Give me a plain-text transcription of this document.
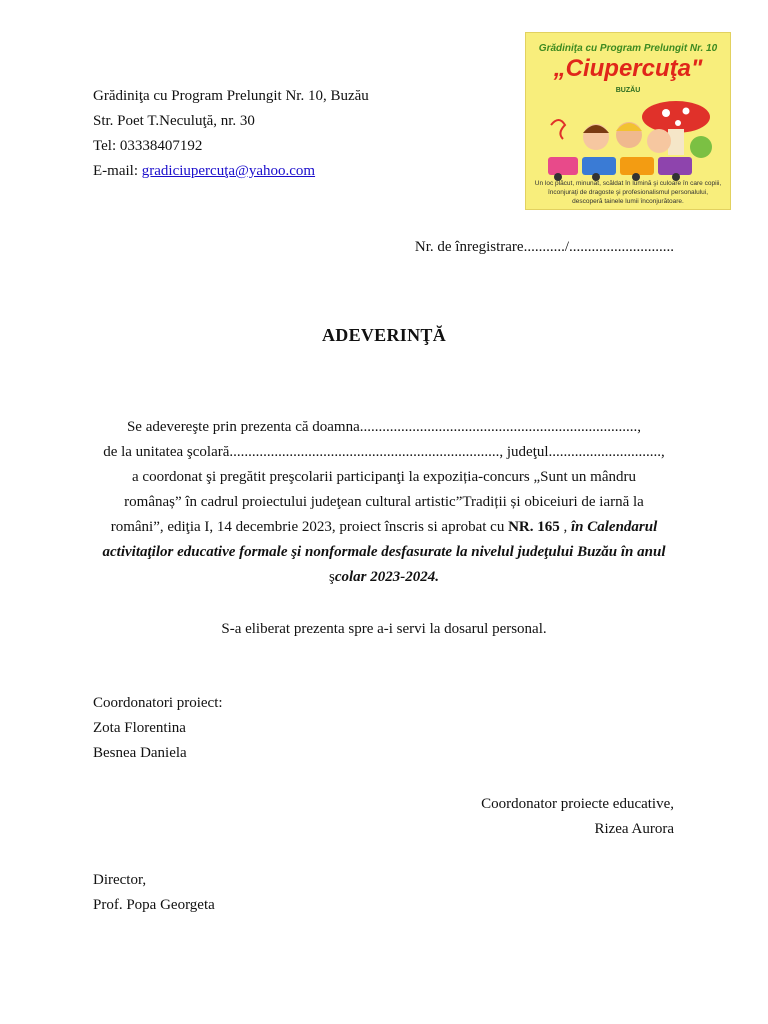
Grădiniţa cu Program Prelungit Nr. 10, Buzău
Str. Poet T.Neculuţă, nr. 30
Tel: 03338407192
E-mail: gradiciupercuţa@yahoo.com
Grădiniţa cu Program Prelungit Nr. 10
„Ciupercuţa"
BUZĂU
Un loc plăcut, minunat, scăldat în lumină şi culoare în care copiii, înconjuraţi de dragoste şi profesionalismul personalului, descoperă tainele lumii înconjurătoare.
Nr. de înregistrare.........../............................
ADEVERINŢĂ
Se adevereşte prin prezenta că doamna..........................................................................,
de la unitatea şcolară........................................................................, judeţul..............................,
a coordonat şi pregătit preşcolarii participanţi la expoziția-concurs „Sunt un mândru
românaș” în cadrul proiectului judeţean cultural artistic”Tradiții și obiceiuri de iarnă la
români”, ediţia I, 14 decembrie 2023, proiect înscris si aprobat cu NR. 165 , în Calendarul
activitaţilor educative formale şi nonformale desfasurate la nivelul judeţului Buzău în anul
şcolar 2023-2024.
S-a eliberat prezenta spre a-i servi la dosarul personal.
Coordonatori proiect:
Zota Florentina
Besnea Daniela
Coordonator proiecte educative,
Rizea Aurora
Director,
Prof. Popa Georgeta
